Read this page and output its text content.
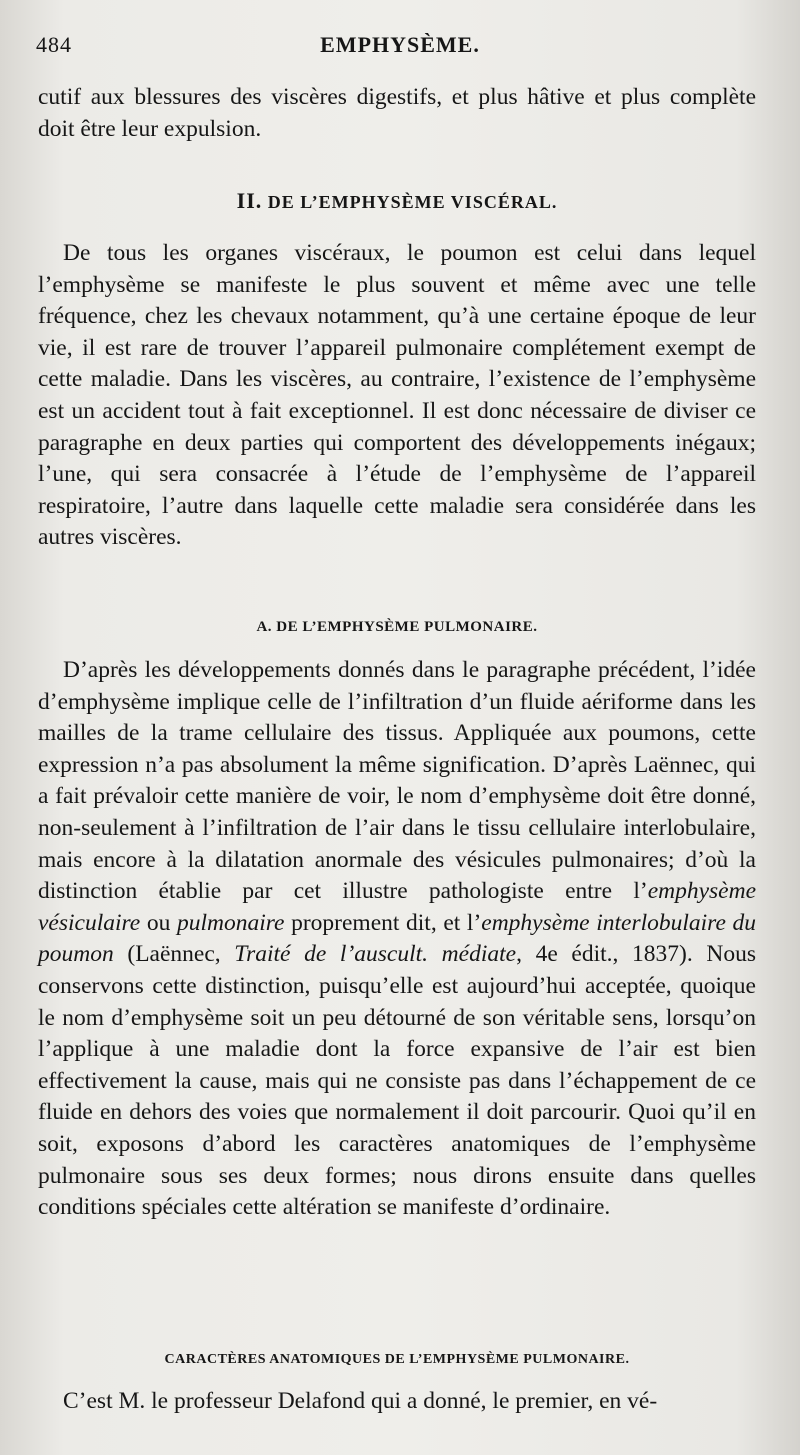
484	EMPHYSÈME.

cutif aux blessures des viscères digestifs, et plus hâtive et plus complète doit être leur expulsion.

II. DE L’EMPHYSÈME VISCÉRAL.

De tous les organes viscéraux, le poumon est celui dans lequel l’emphysème se manifeste le plus souvent et même avec une telle fréquence, chez les chevaux notamment, qu’à une certaine époque de leur vie, il est rare de trouver l’appareil pulmonaire complétement exempt de cette maladie. Dans les viscères, au contraire, l’existence de l’emphysème est un accident tout à fait exceptionnel. Il est donc nécessaire de diviser ce paragraphe en deux parties qui comportent des développements inégaux; l’une, qui sera consacrée à l’étude de l’emphysème de l’appareil respiratoire, l’autre dans laquelle cette maladie sera considérée dans les autres viscères.

A. DE L’EMPHYSÈME PULMONAIRE.

D’après les développements donnés dans le paragraphe précédent, l’idée d’emphysème implique celle de l’infiltration d’un fluide aériforme dans les mailles de la trame cellulaire des tissus. Appliquée aux poumons, cette expression n’a pas absolument la même signification. D’après Laënnec, qui a fait prévaloir cette manière de voir, le nom d’emphysème doit être donné, non-seulement à l’infiltration de l’air dans le tissu cellulaire interlobulaire, mais encore à la dilatation anormale des vésicules pulmonaires; d’où la distinction établie par cet illustre pathologiste entre l’emphysème vésiculaire ou pulmonaire proprement dit, et l’emphysème interlobulaire du poumon (Laënnec, Traité de l’auscult. médiate, 4e édit., 1837). Nous conservons cette distinction, puisqu’elle est aujourd’hui acceptée, quoique le nom d’emphysème soit un peu détourné de son véritable sens, lorsqu’on l’applique à une maladie dont la force expansive de l’air est bien effectivement la cause, mais qui ne consiste pas dans l’échappement de ce fluide en dehors des voies que normalement il doit parcourir. Quoi qu’il en soit, exposons d’abord les caractères anatomiques de l’emphysème pulmonaire sous ses deux formes; nous dirons ensuite dans quelles conditions spéciales cette altération se manifeste d’ordinaire.

CARACTÈRES ANATOMIQUES DE L’EMPHYSÈME PULMONAIRE.

C’est M. le professeur Delafond qui a donné, le premier, en vé-
